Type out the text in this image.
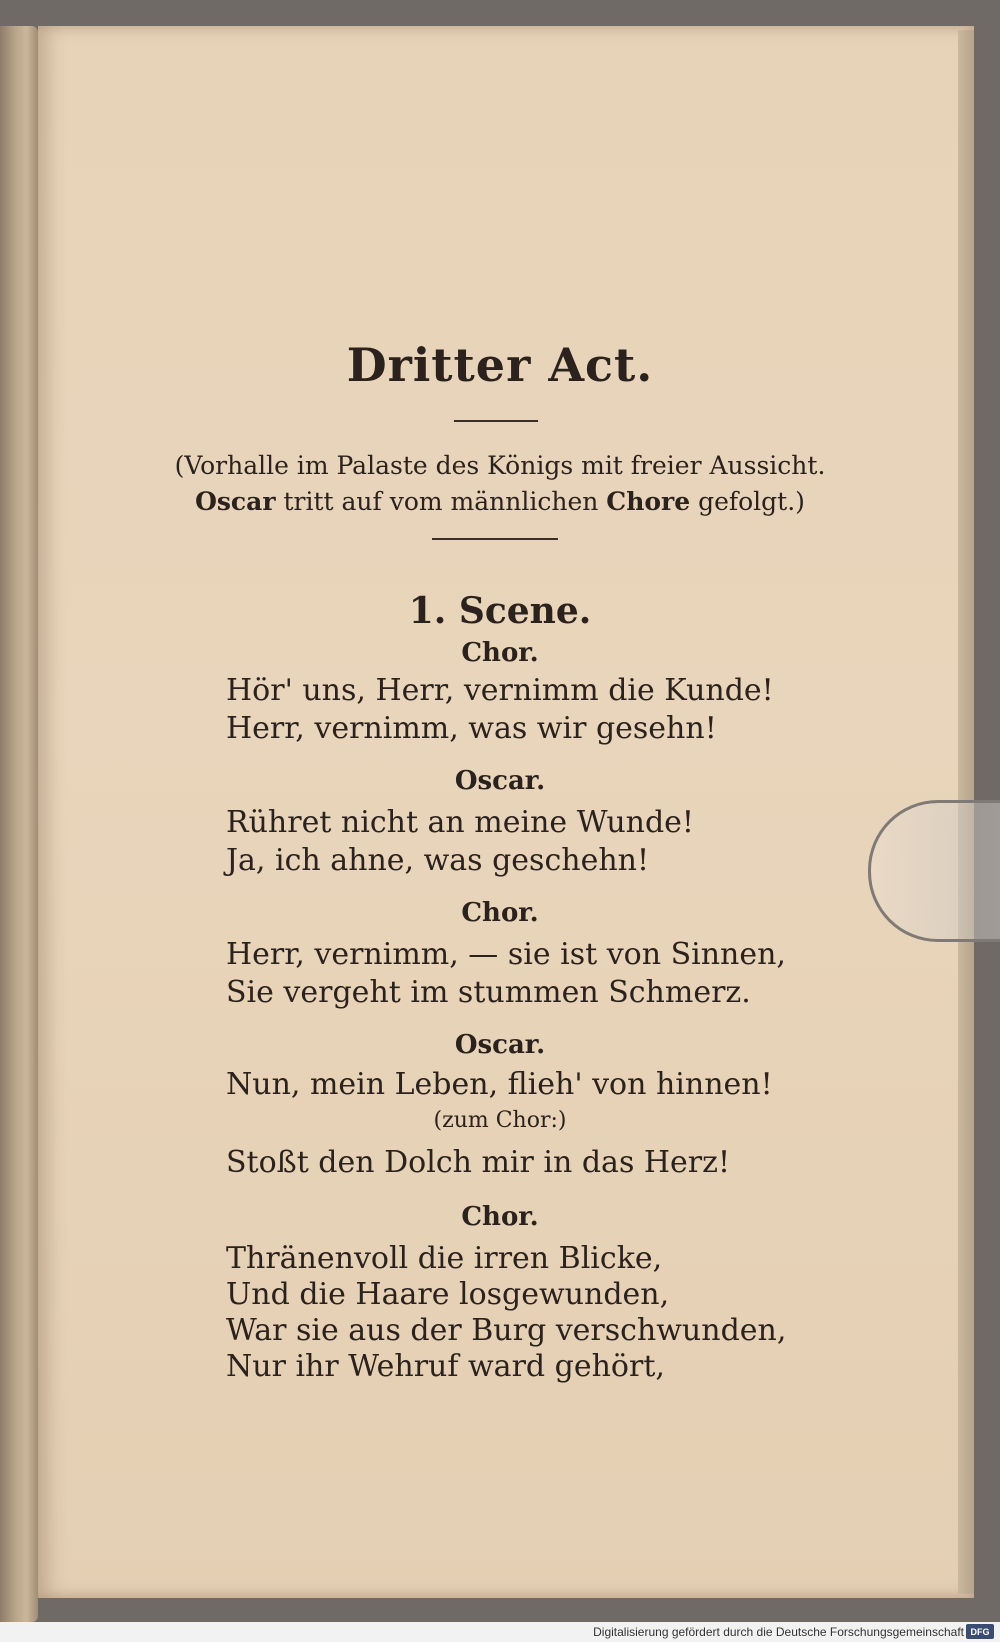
Dritter Act.
(Vorhalle im Palaste des Königs mit freier Aussicht.
Oscar tritt auf vom männlichen Chore gefolgt.)
1. Scene.
Chor.
Hör' uns, Herr, vernimm die Kunde!
Herr, vernimm, was wir gesehn!
Oscar.
Rühret nicht an meine Wunde!
Ja, ich ahne, was geschehn!
Chor.
Herr, vernimm, — sie ist von Sinnen,
Sie vergeht im stummen Schmerz.
Oscar.
Nun, mein Leben, flieh' von hinnen!
(zum Chor:)
Stoßt den Dolch mir in das Herz!
Chor.
Thränenvoll die irren Blicke,
Und die Haare losgewunden,
War sie aus der Burg verschwunden,
Nur ihr Wehruf ward gehört,
Digitalisierung gefördert durch die Deutsche Forschungsgemeinschaft DFG
